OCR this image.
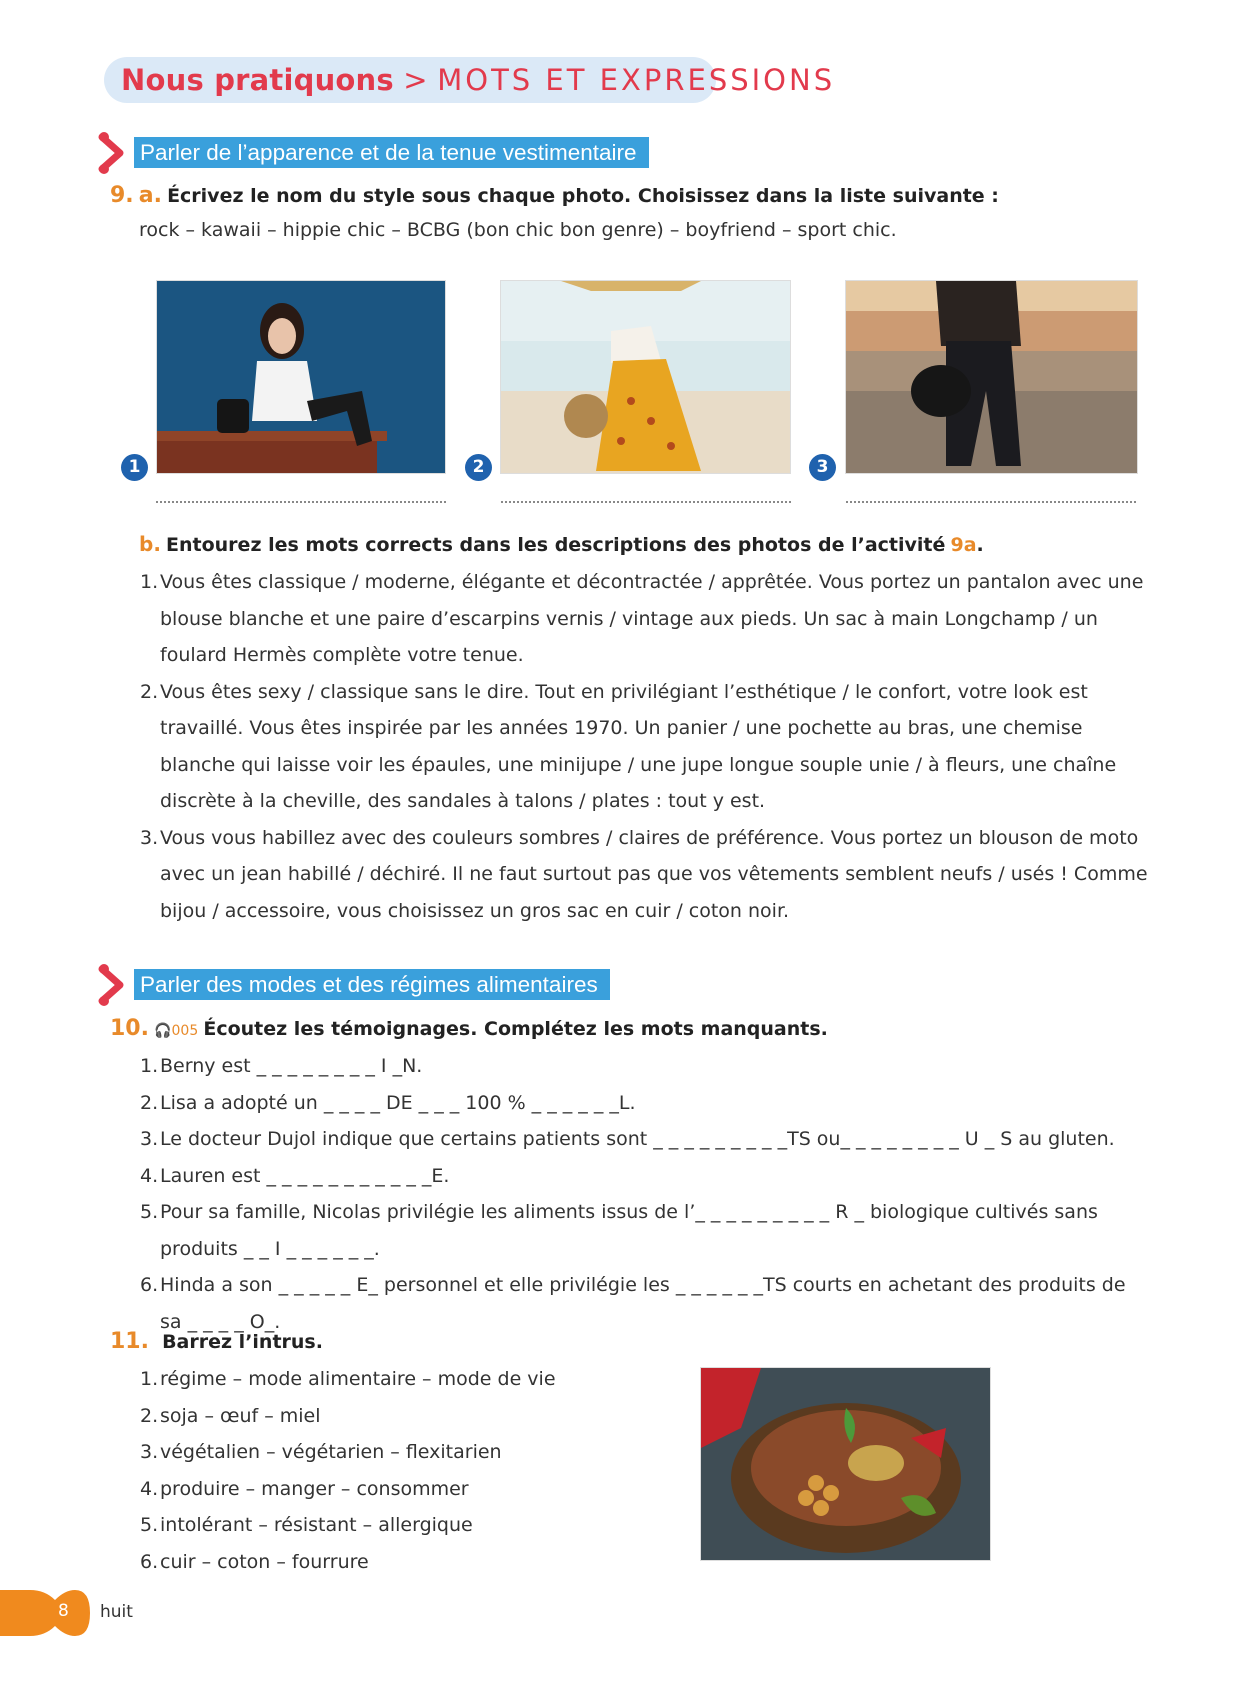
Nous pratiquons > MOTS ET EXPRESSIONS
Parler de l’apparence et de la tenue vestimentaire
9. a. Écrivez le nom du style sous chaque photo. Choisissez dans la liste suivante :
rock – kawaii – hippie chic – BCBG (bon chic bon genre) – boyfriend – sport chic.
1	2	3
b. Entourez les mots corrects dans les descriptions des photos de l’activité 9a.
1. Vous êtes classique / moderne, élégante et décontractée / apprêtée. Vous portez un pantalon avec une blouse blanche et une paire d’escarpins vernis / vintage aux pieds. Un sac à main Longchamp / un foulard Hermès complète votre tenue.
2. Vous êtes sexy / classique sans le dire. Tout en privilégiant l’esthétique / le confort, votre look est travaillé. Vous êtes inspirée par les années 1970. Un panier / une pochette au bras, une chemise blanche qui laisse voir les épaules, une minijupe / une jupe longue souple unie / à fleurs, une chaîne discrète à la cheville, des sandales à talons / plates : tout y est.
3. Vous vous habillez avec des couleurs sombres / claires de préférence. Vous portez un blouson de moto avec un jean habillé / déchiré. Il ne faut surtout pas que vos vêtements semblent neufs / usés ! Comme bijou / accessoire, vous choisissez un gros sac en cuir / coton noir.
Parler des modes et des régimes alimentaires
10. 🎧005 Écoutez les témoignages. Complétez les mots manquants.
1. Berny est _ _ _ _ _ _ _ _ I _N.
2. Lisa a adopté un _ _ _ _ DE _ _ _ 100 % _ _ _ _ _ _L.
3. Le docteur Dujol indique que certains patients sont _ _ _ _ _ _ _ _ _TS ou_ _ _ _ _ _ _ _ U _ S au gluten.
4. Lauren est _ _ _ _ _ _ _ _ _ _ _E.
5. Pour sa famille, Nicolas privilégie les aliments issus de l’_ _ _ _ _ _ _ _ _ R _ biologique cultivés sans produits _ _ I _ _ _ _ _ _.
6. Hinda a son _ _ _ _ _ E_ personnel et elle privilégie les _ _ _ _ _ _TS courts en achetant des produits de sa _ _ _ _ O_.
11. Barrez l’intrus.
1. régime – mode alimentaire – mode de vie
2. soja – œuf – miel
3. végétalien – végétarien – flexitarien
4. produire – manger – consommer
5. intolérant – résistant – allergique
6. cuir – coton – fourrure
8 huit
